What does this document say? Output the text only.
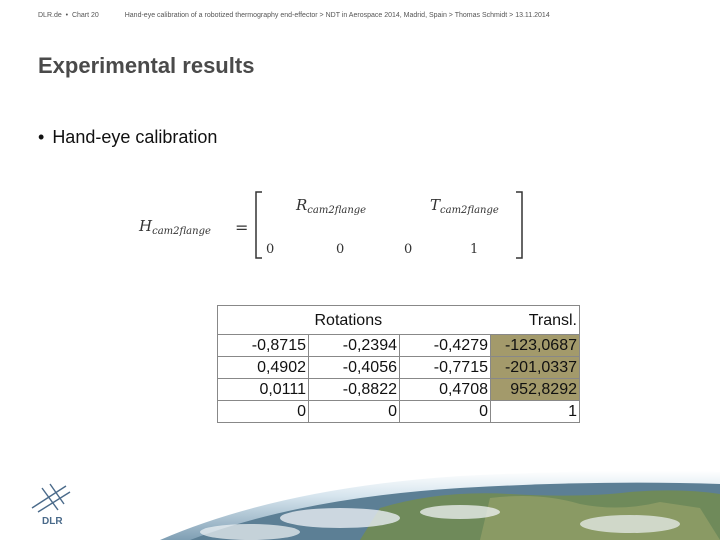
DLR.de  •  Chart 20	Hand-eye calibration of a robotized thermography end-effector > NDT in Aerospace 2014, Madrid, Spain > Thomas Schmidt > 13.11.2014
Experimental results
• Hand-eye calibration
$H_{cam2flange}$ =
$R_{cam2flange}$	$T_{cam2flange}$
0	0	0	1
	Rotations		Transl.
-0,8715	-0,2394	-0,4279	-123,0687
0,4902	-0,4056	-0,7715	-201,0337
0,0111	-0,8822	0,4708	952,8292
0	0	0	1
DLR
